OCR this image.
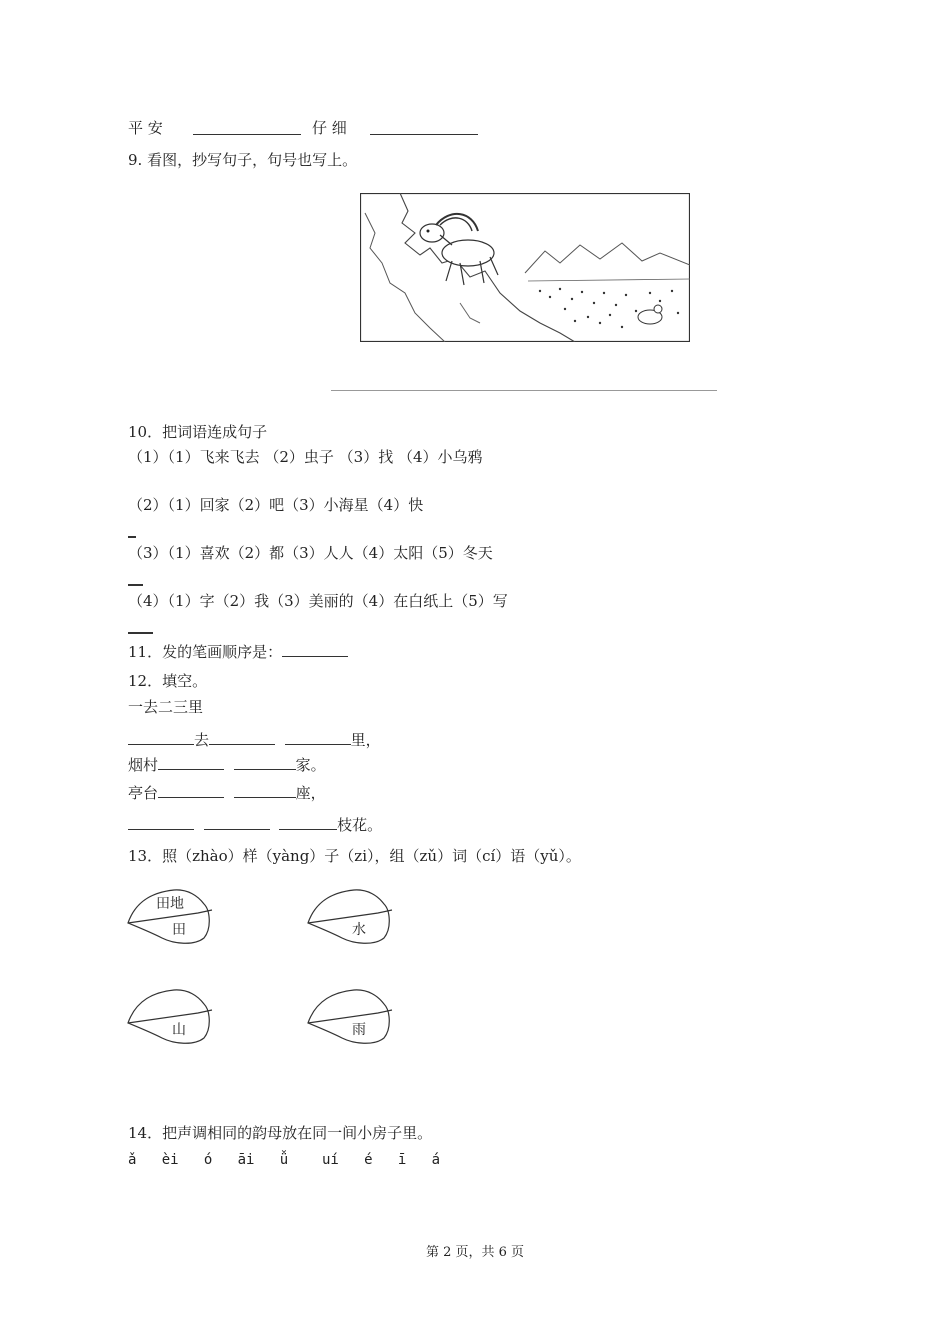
平 安	仔 细
9. 看图，抄写句子，句号也写上。
10．把词语连成句子
（1）（1）飞来飞去 （2）虫子 （3）找 （4）小乌鸦
（2）（1）回家（2）吧（3）小海星（4）快
（3）（1）喜欢（2）都（3）人人（4）太阳（5）冬天
（4）（1）字（2）我（3）美丽的（4）在白纸上（5）写
11．发的笔画顺序是：
12．填空。
一去二三里
去	里，
烟村	家。
亭台	座，
枝花。
13．照（zhào）样（yàng）子（zi），组（zǔ）词（cí）语（yǔ）。
田地
田	水
山	雨
14．把声调相同的韵母放在同一间小房子里。
ǎ èi ó āi ǚ uí é ī á
第 2 页，共 6 页
